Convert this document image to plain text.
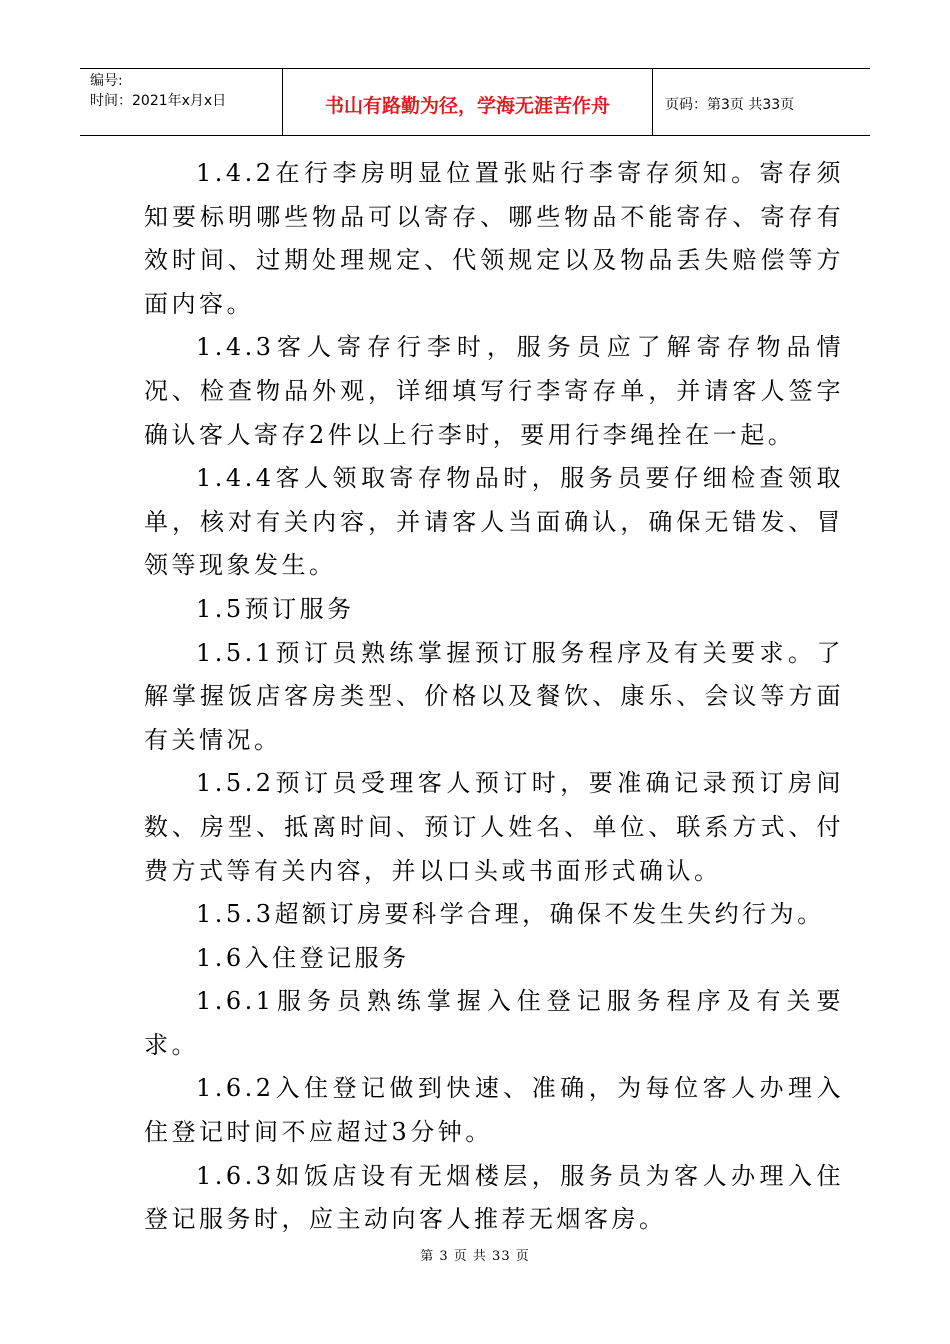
编号:
时间：2021年x月x日	书山有路勤为径，学海无涯苦作舟	页码：第3页 共33页

1.4.2在行李房明显位置张贴行李寄存须知。寄存须知要标明哪些物品可以寄存、哪些物品不能寄存、寄存有效时间、过期处理规定、代领规定以及物品丢失赔偿等方面内容。

1.4.3客人寄存行李时，服务员应了解寄存物品情况、检查物品外观，详细填写行李寄存单，并请客人签字确认客人寄存2件以上行李时，要用行李绳拴在一起。

1.4.4客人领取寄存物品时，服务员要仔细检查领取单，核对有关内容，并请客人当面确认，确保无错发、冒领等现象发生。

1.5预订服务

1.5.1预订员熟练掌握预订服务程序及有关要求。了解掌握饭店客房类型、价格以及餐饮、康乐、会议等方面有关情况。

1.5.2预订员受理客人预订时，要准确记录预订房间数、房型、抵离时间、预订人姓名、单位、联系方式、付费方式等有关内容，并以口头或书面形式确认。

1.5.3超额订房要科学合理，确保不发生失约行为。

1.6入住登记服务

1.6.1服务员熟练掌握入住登记服务程序及有关要求。

1.6.2入住登记做到快速、准确，为每位客人办理入住登记时间不应超过3分钟。

1.6.3如饭店设有无烟楼层，服务员为客人办理入住登记服务时，应主动向客人推荐无烟客房。

第 3 页 共 33 页
